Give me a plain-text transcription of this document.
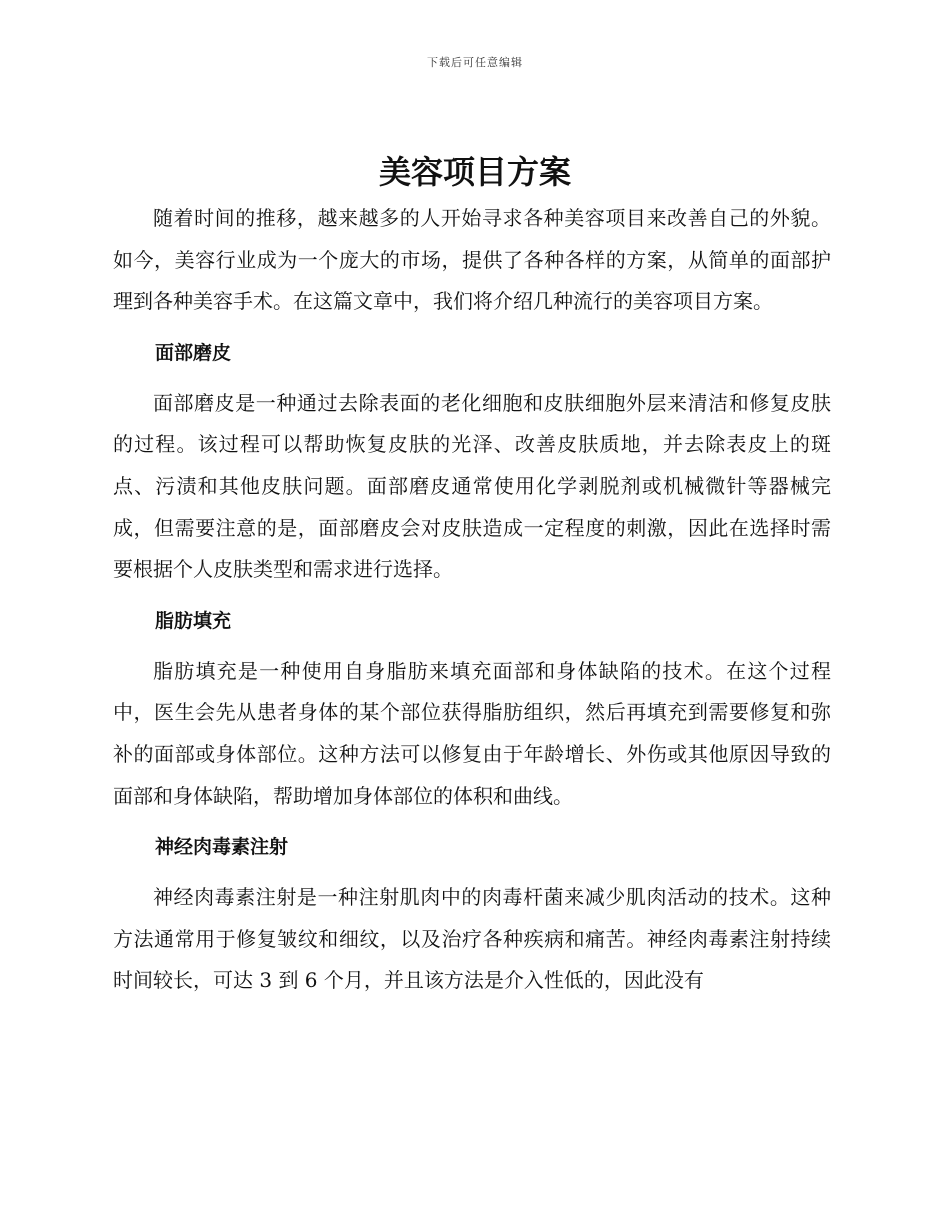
下载后可任意编辑
美容项目方案

随着时间的推移，越来越多的人开始寻求各种美容项目来改善自己的外貌。如今，美容行业成为一个庞大的市场，提供了各种各样的方案，从简单的面部护理到各种美容手术。在这篇文章中，我们将介绍几种流行的美容项目方案。

面部磨皮

面部磨皮是一种通过去除表面的老化细胞和皮肤细胞外层来清洁和修复皮肤的过程。该过程可以帮助恢复皮肤的光泽、改善皮肤质地，并去除表皮上的斑点、污渍和其他皮肤问题。面部磨皮通常使用化学剥脱剂或机械微针等器械完成，但需要注意的是，面部磨皮会对皮肤造成一定程度的刺激，因此在选择时需要根据个人皮肤类型和需求进行选择。

脂肪填充

脂肪填充是一种使用自身脂肪来填充面部和身体缺陷的技术。在这个过程中，医生会先从患者身体的某个部位获得脂肪组织，然后再填充到需要修复和弥补的面部或身体部位。这种方法可以修复由于年龄增长、外伤或其他原因导致的面部和身体缺陷，帮助增加身体部位的体积和曲线。

神经肉毒素注射

神经肉毒素注射是一种注射肌肉中的肉毒杆菌来减少肌肉活动的技术。这种方法通常用于修复皱纹和细纹，以及治疗各种疾病和痛苦。神经肉毒素注射持续时间较长，可达 3 到 6 个月，并且该方法是介入性低的，因此没有
